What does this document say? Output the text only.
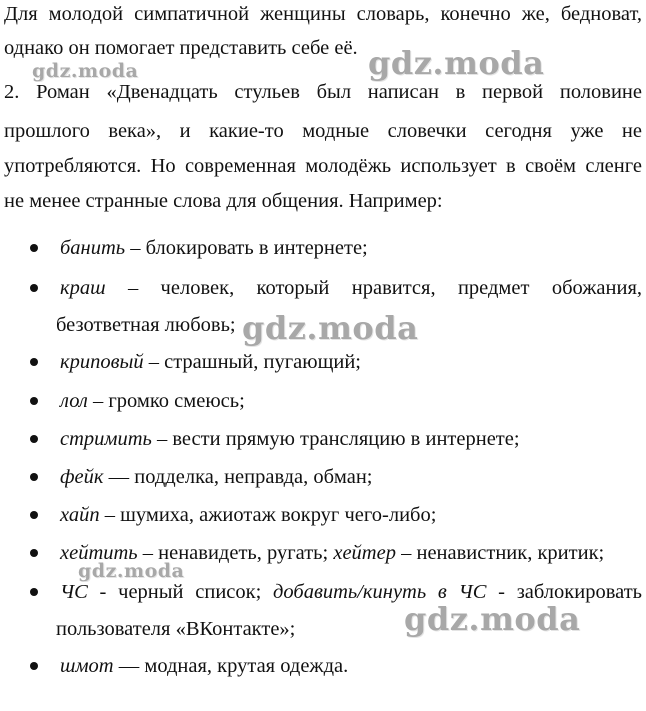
Для молодой симпатичной женщины словарь, конечно же, бедноват,
однако он помогает представить себе её.
2. Роман «Двенадцать стульев был написан в первой половине
прошлого века», и какие-то модные словечки сегодня уже не
употребляются. Но современная молодёжь использует в своём сленге
не менее странные слова для общения. Например:
банить – блокировать в интернете;
краш – человек, который нравится, предмет обожания,
безответная любовь;
криповый – страшный, пугающий;
лол – громко смеюсь;
стримить – вести прямую трансляцию в интернете;
фейк — подделка, неправда, обман;
хайп – шумиха, ажиотаж вокруг чего-либо;
хейтить – ненавидеть, ругать; хейтер – ненавистник, критик;
ЧС - черный список; добавить/кинуть в ЧС - заблокировать
пользователя «ВКонтакте»;
шмот — модная, крутая одежда.
gdz.moda	gdz.moda
gdz.moda
gdz.moda
gdz.moda
